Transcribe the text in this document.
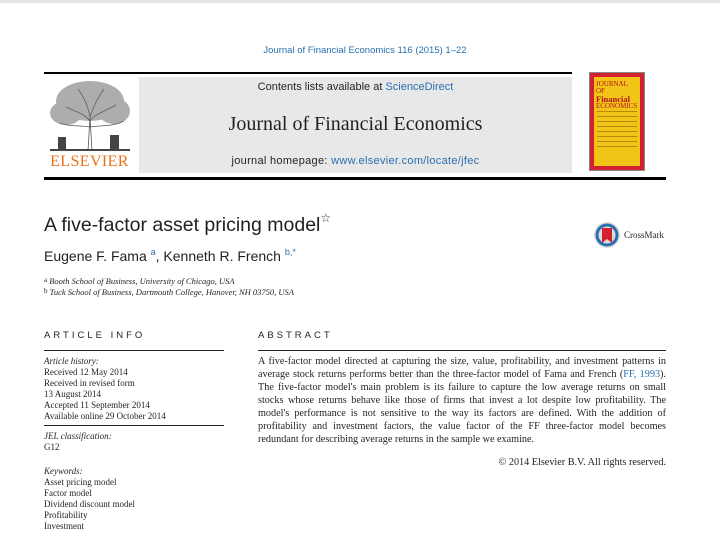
Journal of Financial Economics 116 (2015) 1–22
ELSEVIER
Contents lists available at ScienceDirect
Journal of Financial Economics
journal homepage: www.elsevier.com/locate/jfec
JOURNAL OF
Financial
ECONOMICS
A five-factor asset pricing model☆
CrossMark
Eugene F. Fama $^a$, Kenneth R. French $^{b,*}$
$^a$ Booth School of Business, University of Chicago, USA
$^b$ Tuck School of Business, Dartmouth College, Hanover, NH 03750, USA
ARTICLE INFO	ABSTRACT
Article history:
Received 12 May 2014
Received in revised form
13 August 2014
Accepted 11 September 2014
Available online 29 October 2014
JEL classification:
G12
Keywords:
Asset pricing model
Factor model
Dividend discount model
Profitability
Investment
A five-factor model directed at capturing the size, value, profitability, and investment patterns in average stock returns performs better than the three-factor model of Fama and French (FF, 1993). The five-factor model's main problem is its failure to capture the low average returns on small stocks whose returns behave like those of firms that invest a lot despite low profitability. The model's performance is not sensitive to the way its factors are defined. With the addition of profitability and investment factors, the value factor of the FF three-factor model becomes redundant for describing average returns in the sample we examine.
© 2014 Elsevier B.V. All rights reserved.
